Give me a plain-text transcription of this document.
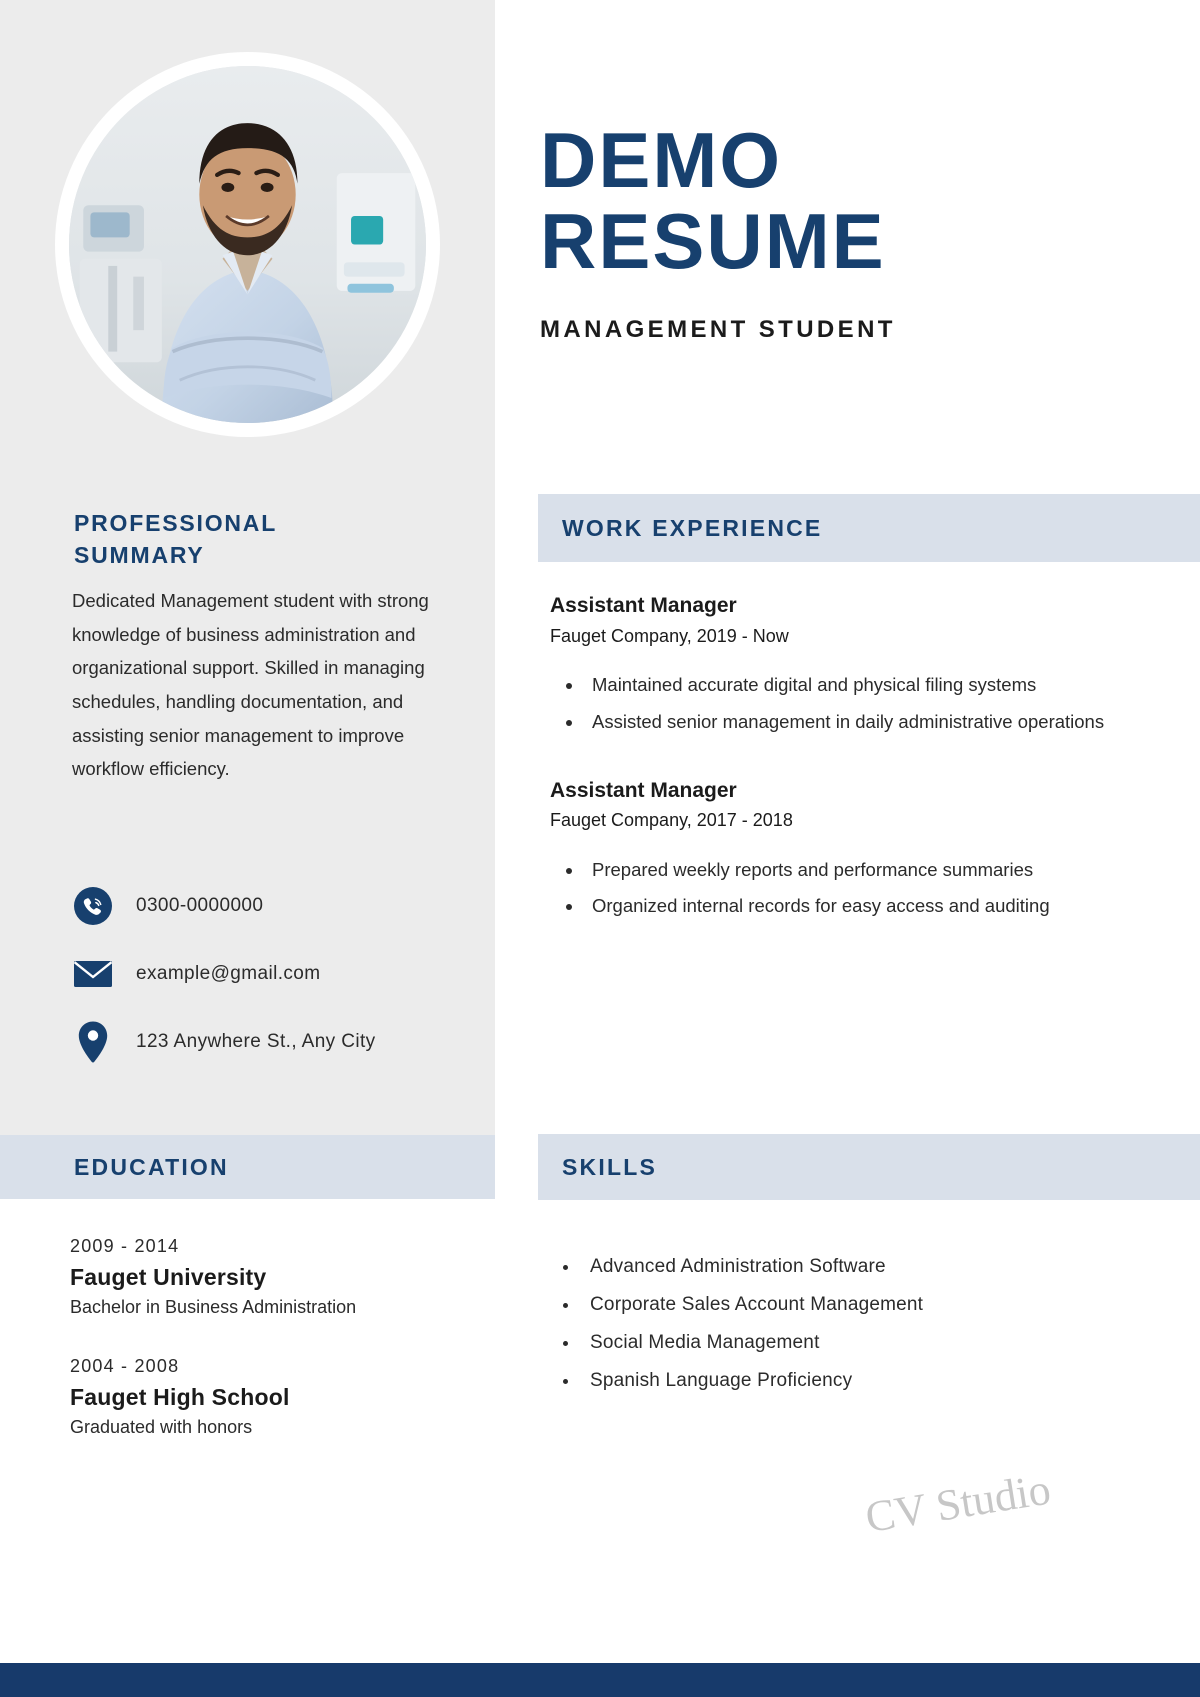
DEMO
RESUME
MANAGEMENT STUDENT
PROFESSIONAL
SUMMARY
Dedicated Management student with strong knowledge of business administration and organizational support. Skilled in managing schedules, handling documentation, and assisting senior management to improve workflow efficiency.
0300-0000000
example@gmail.com
123 Anywhere St., Any City
WORK EXPERIENCE
EDUCATION	SKILLS
Assistant Manager
Fauget Company, 2019 - Now
• Maintained accurate digital and physical filing systems
• Assisted senior management in daily administrative operations
Assistant Manager
Fauget Company, 2017 - 2018
• Prepared weekly reports and performance summaries
• Organized internal records for easy access and auditing
2009 - 2014
Fauget University
Bachelor in Business Administration
2004 - 2008
Fauget High School
Graduated with honors
• Advanced Administration Software
• Corporate Sales Account Management
• Social Media Management
• Spanish Language Proficiency
CV Studio
